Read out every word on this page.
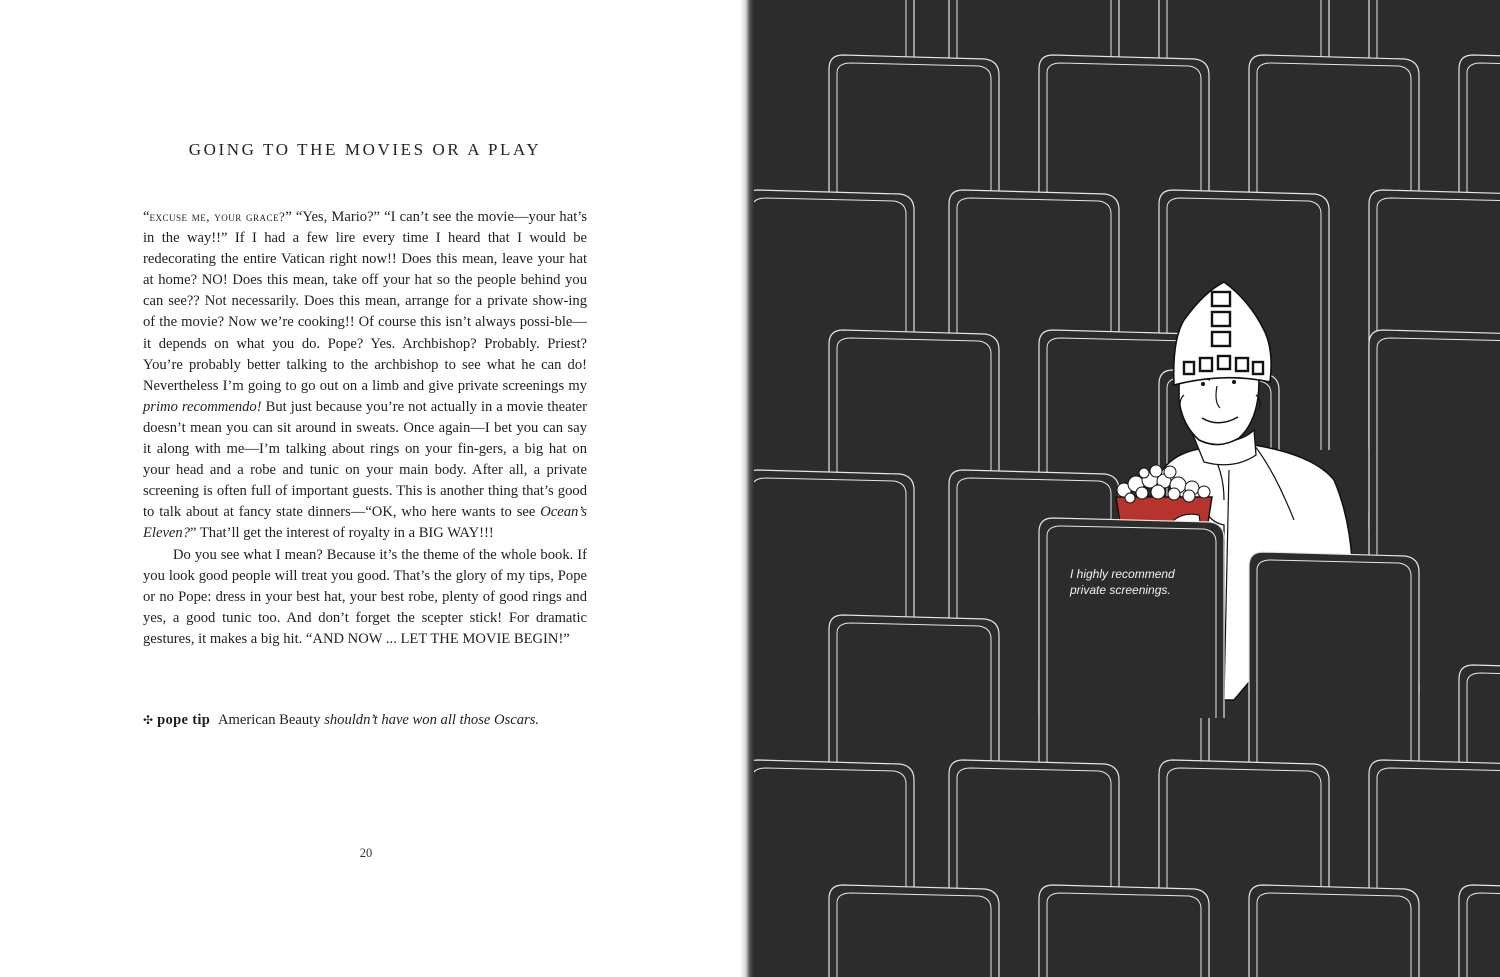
GOING TO THE MOVIES OR A PLAY

“excuse me, your grace?” “Yes, Mario?” “I can’t see the movie—your hat’s in the way!!” If I had a few lire every time I heard that I would be redecorating the entire Vatican right now!! Does this mean, leave your hat at home? NO! Does this mean, take off your hat so the people behind you can see?? Not necessarily. Does this mean, arrange for a private show-ing of the movie? Now we’re cooking!! Of course this isn’t always possi-ble—it depends on what you do. Pope? Yes. Archbishop? Probably. Priest? You’re probably better talking to the archbishop to see what he can do! Nevertheless I’m going to go out on a limb and give private screenings my primo recommendo! But just because you’re not actually in a movie theater doesn’t mean you can sit around in sweats. Once again—I bet you can say it along with me—I’m talking about rings on your fin-gers, a big hat on your head and a robe and tunic on your main body. After all, a private screening is often full of important guests. This is another thing that’s good to talk about at fancy state dinners—“OK, who here wants to see Ocean’s Eleven?” That’ll get the interest of royalty in a BIG WAY!!!

Do you see what I mean? Because it’s the theme of the whole book. If you look good people will treat you good. That’s the glory of my tips, Pope or no Pope: dress in your best hat, your best robe, plenty of good rings and yes, a good tunic too. And don’t forget the scepter stick! For dramatic gestures, it makes a big hit. “AND NOW ... LET THE MOVIE BEGIN!”

✣ pope tip American Beauty shouldn’t have won all those Oscars.
20
I highly recommend
private screenings.
